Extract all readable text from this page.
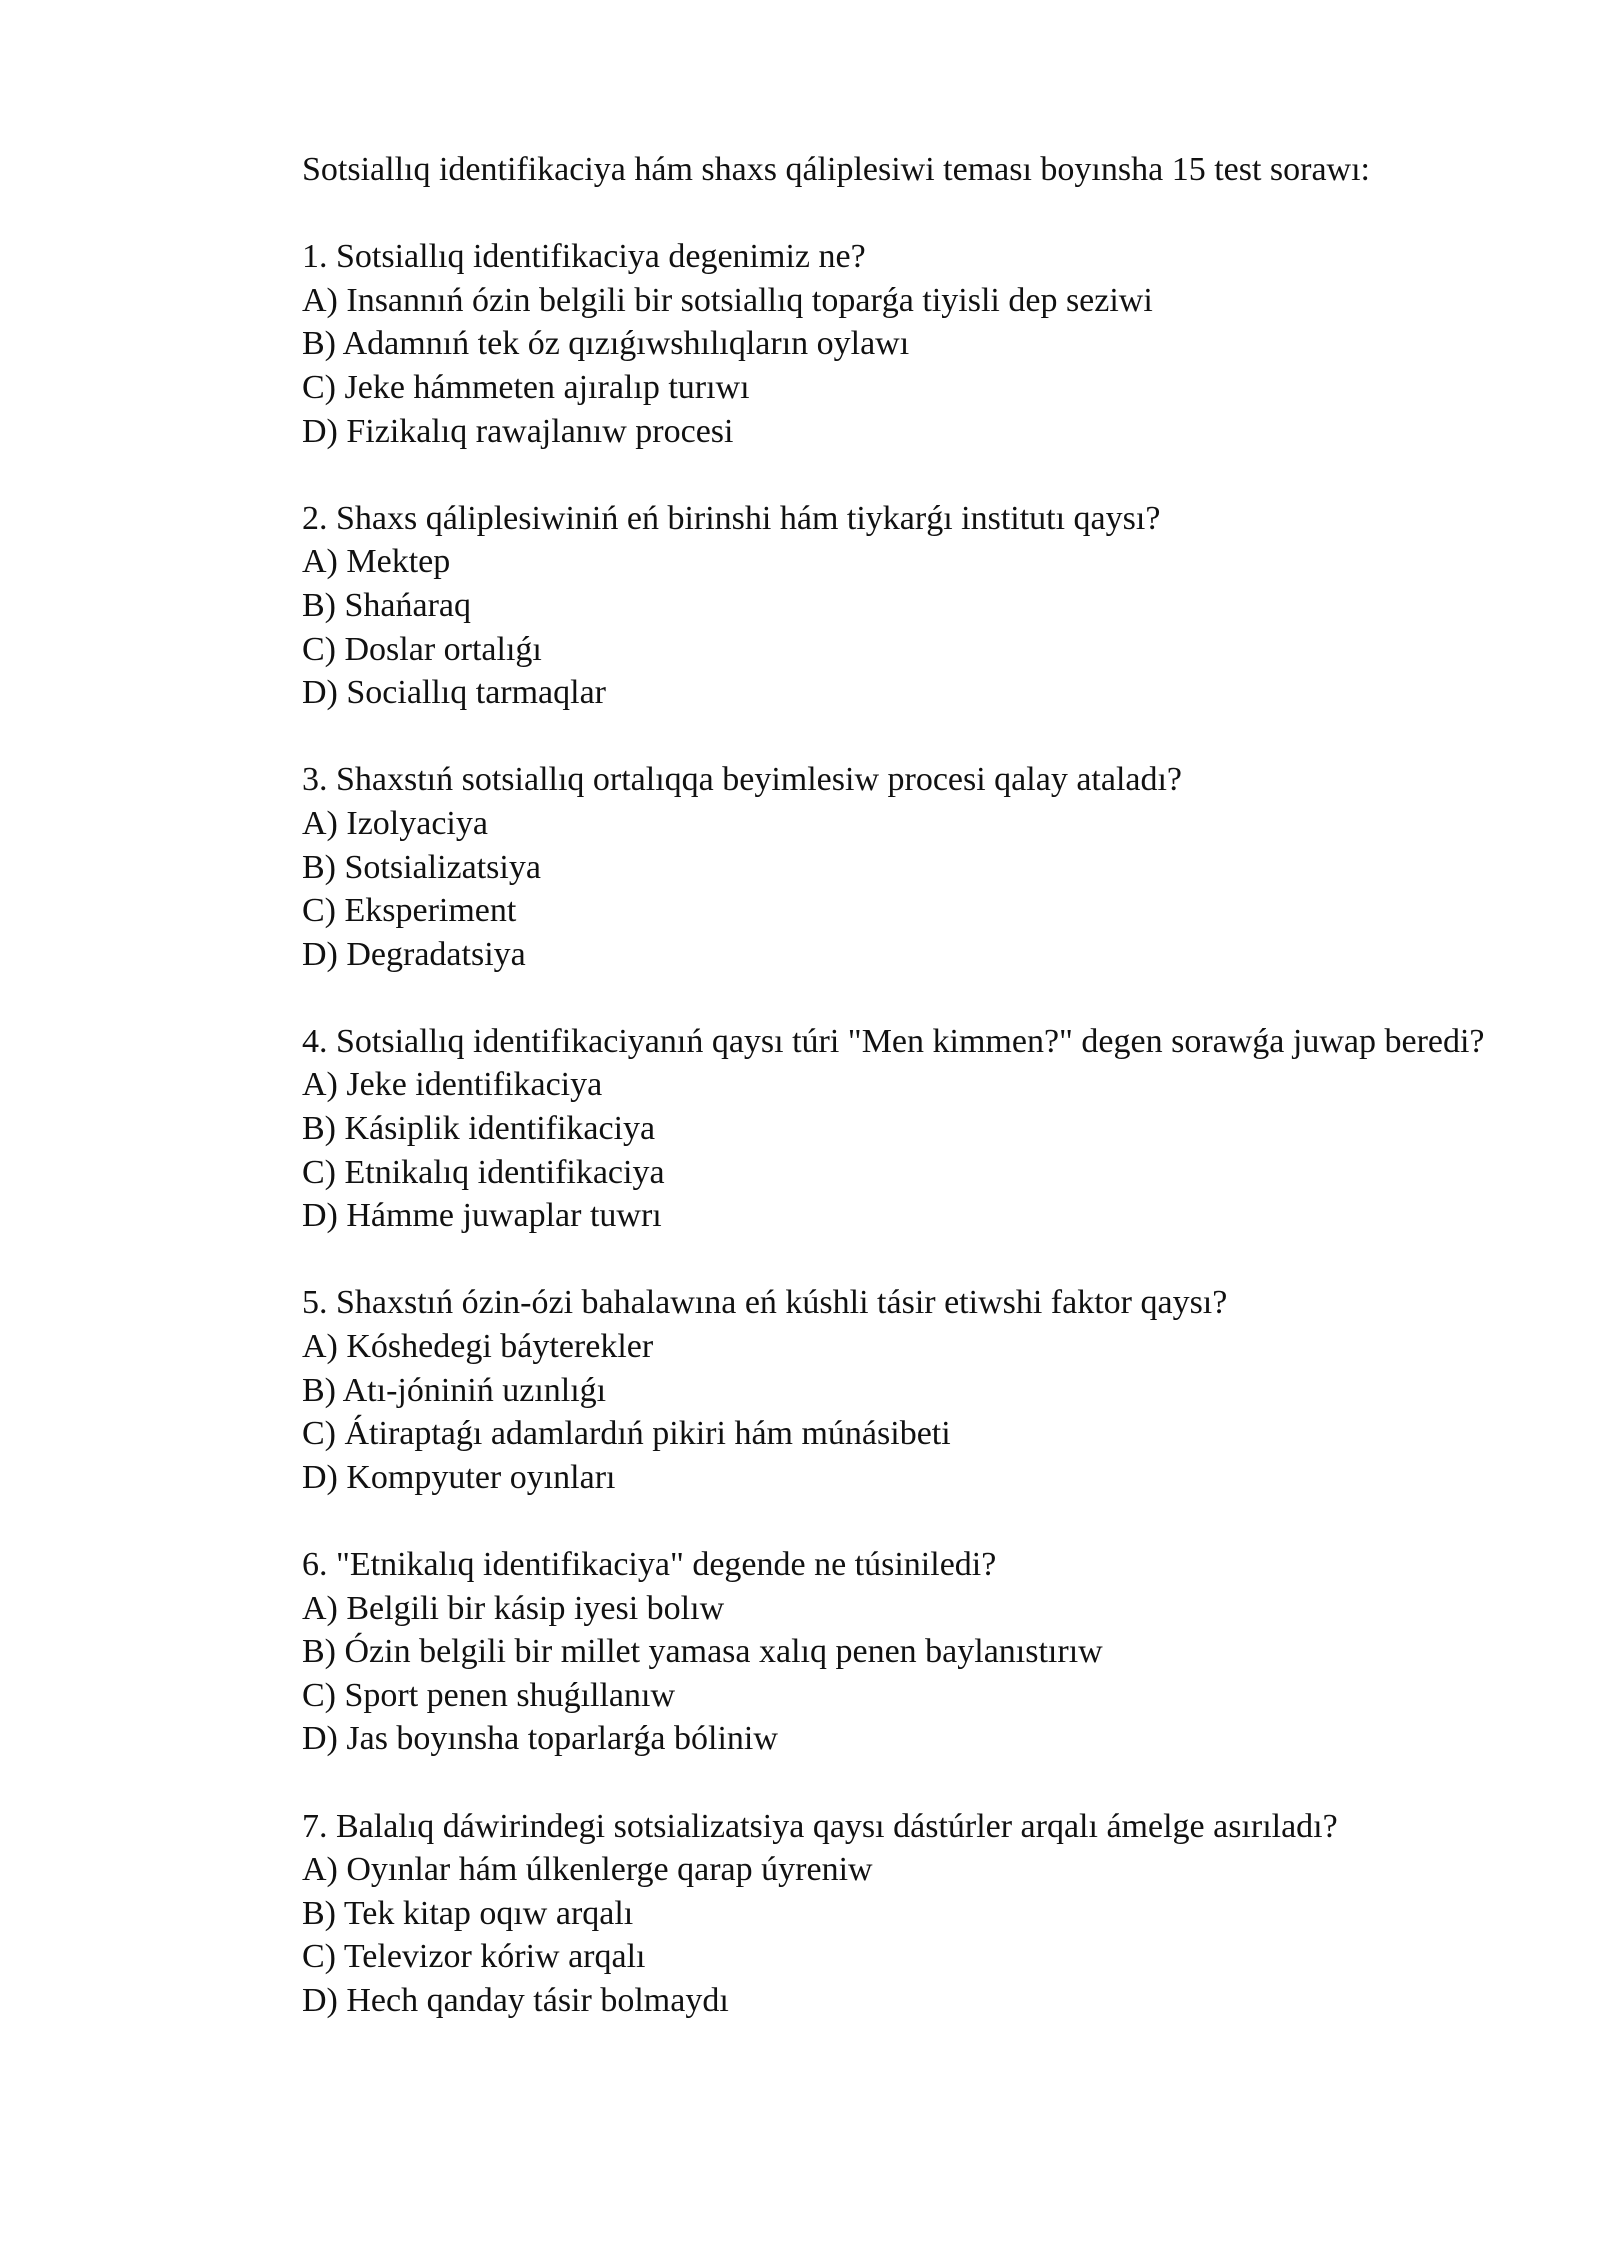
Sotsiallıq identifikaciya hám shaxs qáliplesiwi teması boyınsha 15 test sorawı:

1. Sotsiallıq identifikaciya degenimiz ne?

A) Insannıń ózin belgili bir sotsiallıq toparǵa tiyisli dep seziwi

B) Adamnıń tek óz qızıǵıwshılıqların oylawı

C) Jeke hámmeten ajıralıp turıwı

D) Fizikalıq rawajlanıw procesi

2. Shaxs qáliplesiwiniń eń birinshi hám tiykarǵı institutı qaysı?

A) Mektep

B) Shańaraq

C) Doslar ortalıǵı

D) Sociallıq tarmaqlar

3. Shaxstıń sotsiallıq ortalıqqa beyimlesiw procesi qalay ataladı?

A) Izolyaciya

B) Sotsializatsiya

C) Eksperiment

D) Degradatsiya

4. Sotsiallıq identifikaciyanıń qaysı túri "Men kimmen?" degen sorawǵa juwap beredi?

A) Jeke identifikaciya

B) Kásiplik identifikaciya

C) Etnikalıq identifikaciya

D) Hámme juwaplar tuwrı

5. Shaxstıń ózin-ózi bahalawına eń kúshli tásir etiwshi faktor qaysı?

A) Kóshedegi báyterekler

B) Atı-jóniniń uzınlıǵı

C) Átiraptaǵı adamlardıń pikiri hám múnásibeti

D) Kompyuter oyınları

6. "Etnikalıq identifikaciya" degende ne túsiniledi?

A) Belgili bir kásip iyesi bolıw

B) Ózin belgili bir millet yamasa xalıq penen baylanıstırıw

C) Sport penen shuǵıllanıw

D) Jas boyınsha toparlarǵa bóliniw

7. Balalıq dáwirindegi sotsializatsiya qaysı dástúrler arqalı ámelge asırıladı?

A) Oyınlar hám úlkenlerge qarap úyreniw

B) Tek kitap oqıw arqalı

C) Televizor kóriw arqalı

D) Hech qanday tásir bolmaydı
